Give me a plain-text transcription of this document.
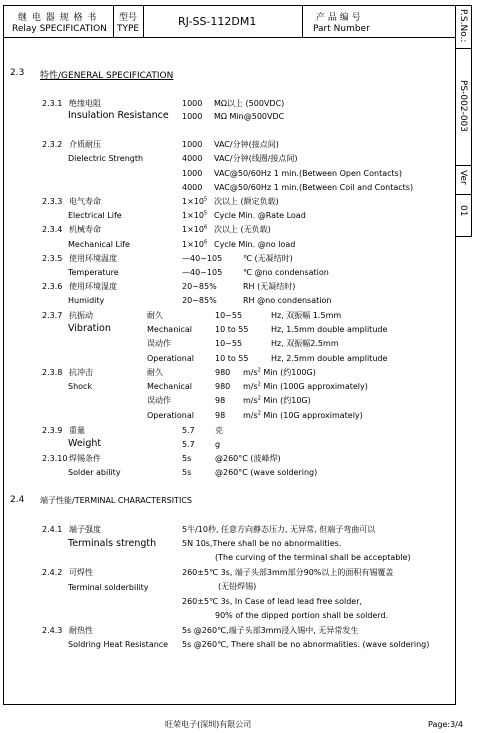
P.S.No.:
PS-002-003
Ver
01
继 电 器 规 格 书
Relay SPECIFICATION
型号
TYPE
RJ-SS-112DM1	产 品 编 号
Part Number
2.3 特性/GENERAL SPECIFICATION
2.3.1 绝缘电阻
Insulation Resistance
1000 MΩ以上 (500VDC)
1000 MΩ Min@500VDC
2.3.2 介质耐压
Dielectric Strength
1000 VAC/分钟(接点间)
4000 VAC/分钟(线圈/接点间)
1000 VAC@50/60Hz 1 min.(Between Open Contacts)
4000 VAC@50/60Hz 1 min.(Between Coil and Contacts)
2.3.3 电气寿命
Electrical Life
$1\times 10^5$ 次以上 (额定负载)
$1\times 10^5$ Cycle Min. @Rate Load
2.3.4 机械寿命
Mechanical Life
$1\times 10^6$ 次以上 (无负载)
$1\times 10^6$ Cycle Min. @no load
2.3.5 使用环境温度
Temperature
—40~105	℃ (无凝结时)
—40~105	℃ @no condensation
2.3.6 使用环境湿度
Humidity
20~85%	RH (无凝结时)
20~85%	RH @no condensation
2.3.7 抗振动
Vibration
耐久	10~55	Hz, 双振幅 1.5mm
Mechanical	10 to 55	Hz, 1.5mm double amplitude
误动作	10~55	Hz, 双振幅2.5mm
Operational	10 to 55	Hz, 2.5mm double amplitude
2.3.8 抗冲击
Shock
耐久	980 $m/s^2$ Min (约100G)
Mechanical	980 $m/s^2$ Min (100G approximately)
误动作	98 $m/s^2$ Min (约10G)
Operational	98 $m/s^2$ Min (10G approximately)
2.3.9 重量
Weight
5.7	克
5.7	g
2.3.10 焊锡条件
Solder ability
5s	@260°C (波峰焊)
5s	@260°C (wave soldering)
2.4 端子性能/TERMINAL CHARACTERSITICS
2.4.1 端子强度
Terminals strength
5牛/10秒, 任意方向静态压力, 无异常, 但端子弯曲可以
5N 10s,There shall be no abnormalities.
(The curving of the terminal shall be acceptable)
2.4.2 可焊性
Terminal solderbility
260±5℃ 3s, 端子头部3mm部分90%以上的面积有锡覆盖
(无铅焊锡)
260±5℃ 3s, In Case of lead lead free solder,
90% of the dipped portion shall be solderd.
2.4.3 耐热性
Soldring Heat Resistance
5s @260℃,端子头部3mm浸入锡中, 无异常发生
5s @260℃, There shall be no abnormalities. (wave soldering)
旺荣电子(深圳)有限公司	Page:3/4
